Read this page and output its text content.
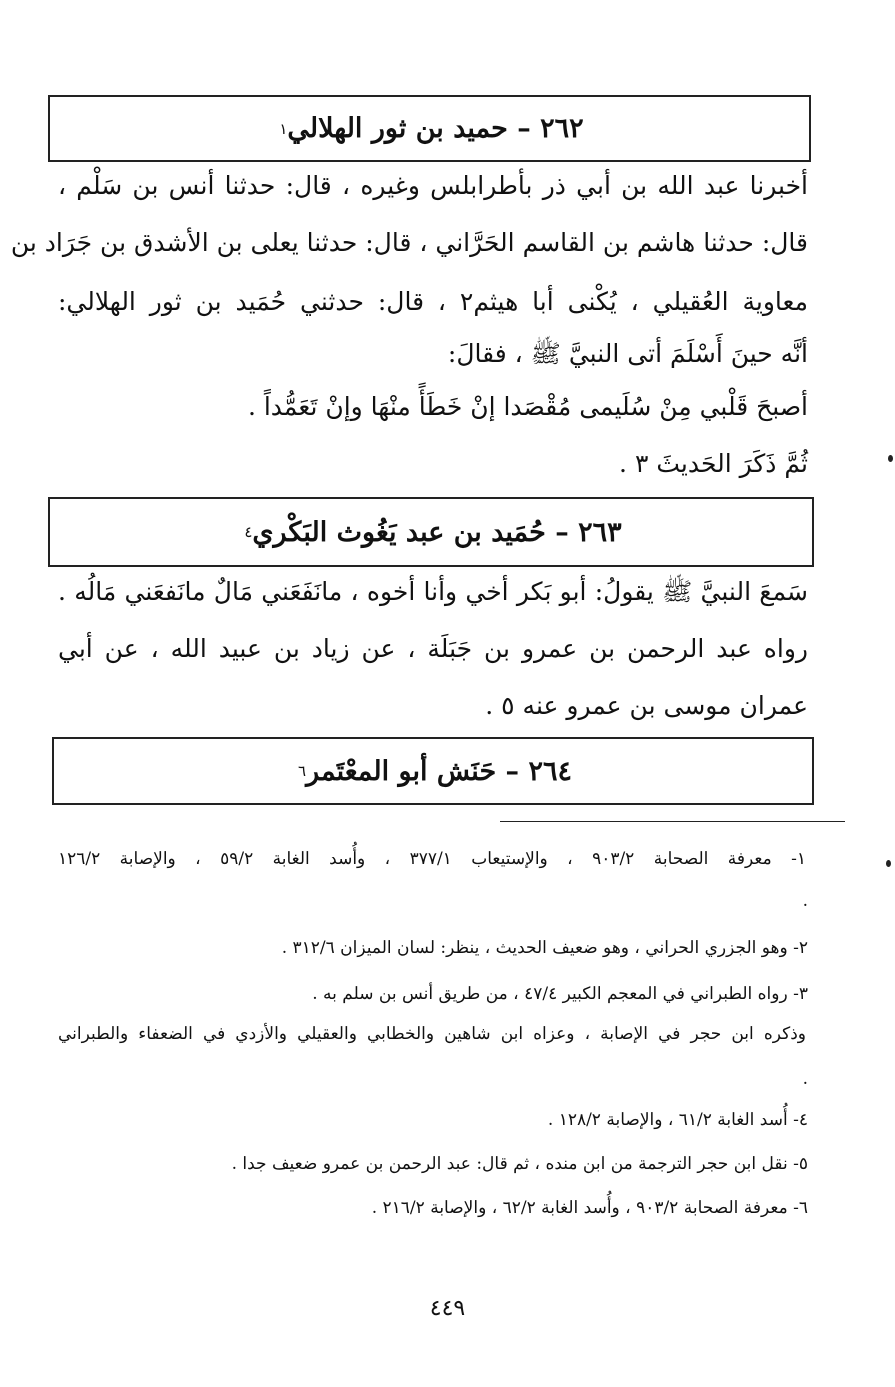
٢٦٢
–
حميد بن ثور الهلالي
١
أخبرنا عبد الله بن أبي ذر بأطرابلس وغيره ، قال: حدثنا أنس بن سَلْم ،
قال: حدثنا هاشم بن القاسم الحَرَّاني ، قال: حدثنا يعلى بن الأشدق بن جَرَاد بن
معاوية العُقيلي ، يُكْنى أبا هيثم٢ ، قال: حدثني حُمَيد بن ثور الهلالي:
أنَّه حينَ أَسْلَمَ أتى النبيَّ ﷺ ، فقالَ:
أصبحَ قَلْبي مِنْ سُلَيمى مُقْصَدا إنْ خَطَأً منْهَا وإنْ تَعَمُّداً .
ثُمَّ ذَكَرَ الحَديثَ ٣ .
٢٦٣
–
حُمَيد بن عبد يَغُوث البَكْري
٤
سَمعَ النبيَّ ﷺ يقولُ: أبو بَكر أخي وأنا أخوه ، مانَفَعَني مَالٌ مانَفعَني مَالُه .
رواه عبد الرحمن بن عمرو بن جَبَلَة ، عن زياد بن عبيد الله ، عن أبي
عمران موسى بن عمرو عنه ٥ .
٢٦٤
–
حَنَش أبو المعْتَمر
٦
١- معرفة الصحابة ٩٠٣/٢ ، والإستيعاب ٣٧٧/١ ، وأُسد الغابة ٥٩/٢ ، والإصابة ١٢٦/٢
.
٢- وهو الجزري الحراني ، وهو ضعيف الحديث ، ينظر: لسان الميزان ٣١٢/٦ .
٣- رواه الطبراني في المعجم الكبير ٤٧/٤ ، من طريق أنس بن سلم به .
وذكره ابن حجر في الإصابة ، وعزاه ابن شاهين والخطابي والعقيلي والأزدي في الضعفاء والطبراني
.
٤- أُسد الغابة ٦١/٢ ، والإصابة ١٢٨/٢ .
٥- نقل ابن حجر الترجمة من ابن منده ، ثم قال: عبد الرحمن بن عمرو ضعيف جدا .
٦- معرفة الصحابة ٩٠٣/٢ ، وأُسد الغابة ٦٢/٢ ، والإصابة ٢١٦/٢ .
٤٤٩
